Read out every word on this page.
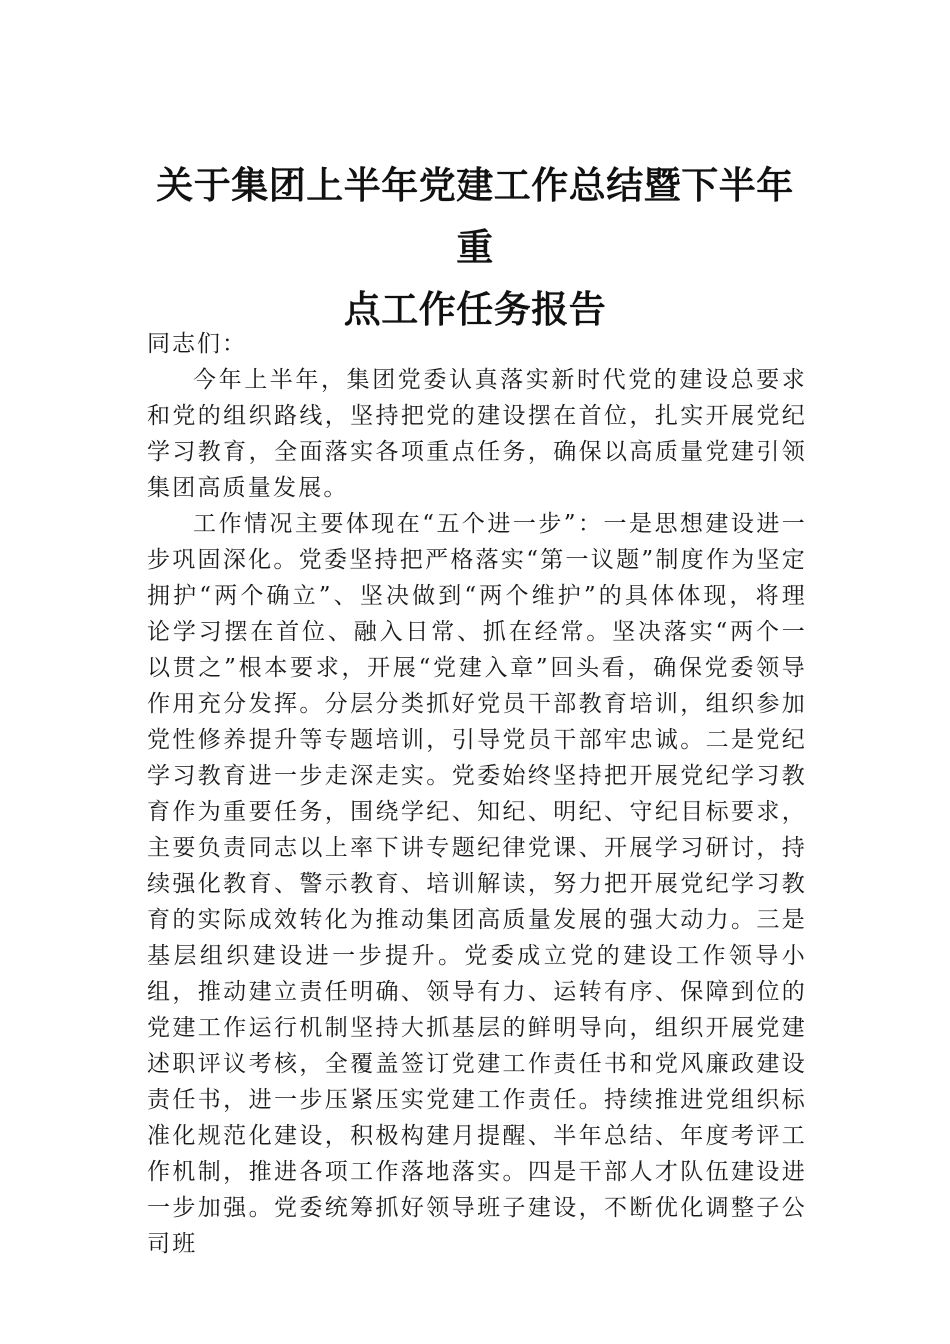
关于集团上半年党建工作总结暨下半年重
点工作任务报告
同志们：

今年上半年，集团党委认真落实新时代党的建设总要求和党的组织路线，坚持把党的建设摆在首位，扎实开展党纪学习教育，全面落实各项重点任务，确保以高质量党建引领集团高质量发展。

工作情况主要体现在“五个进一步”：一是思想建设进一步巩固深化。党委坚持把严格落实“第一议题”制度作为坚定拥护“两个确立”、坚决做到“两个维护”的具体体现，将理论学习摆在首位、融入日常、抓在经常。坚决落实“两个一以贯之”根本要求，开展“党建入章”回头看，确保党委领导作用充分发挥。分层分类抓好党员干部教育培训，组织参加党性修养提升等专题培训，引导党员干部牢忠诚。二是党纪学习教育进一步走深走实。党委始终坚持把开展党纪学习教育作为重要任务，围绕学纪、知纪、明纪、守纪目标要求，主要负责同志以上率下讲专题纪律党课、开展学习研讨，持续强化教育、警示教育、培训解读，努力把开展党纪学习教育的实际成效转化为推动集团高质量发展的强大动力。三是基层组织建设进一步提升。党委成立党的建设工作领导小组，推动建立责任明确、领导有力、运转有序、保障到位的党建工作运行机制坚持大抓基层的鲜明导向，组织开展党建述职评议考核，全覆盖签订党建工作责任书和党风廉政建设责任书，进一步压紧压实党建工作责任。持续推进党组织标准化规范化建设，积极构建月提醒、半年总结、年度考评工作机制，推进各项工作落地落实。四是干部人才队伍建设进一步加强。党委统筹抓好领导班子建设，不断优化调整子公司班
